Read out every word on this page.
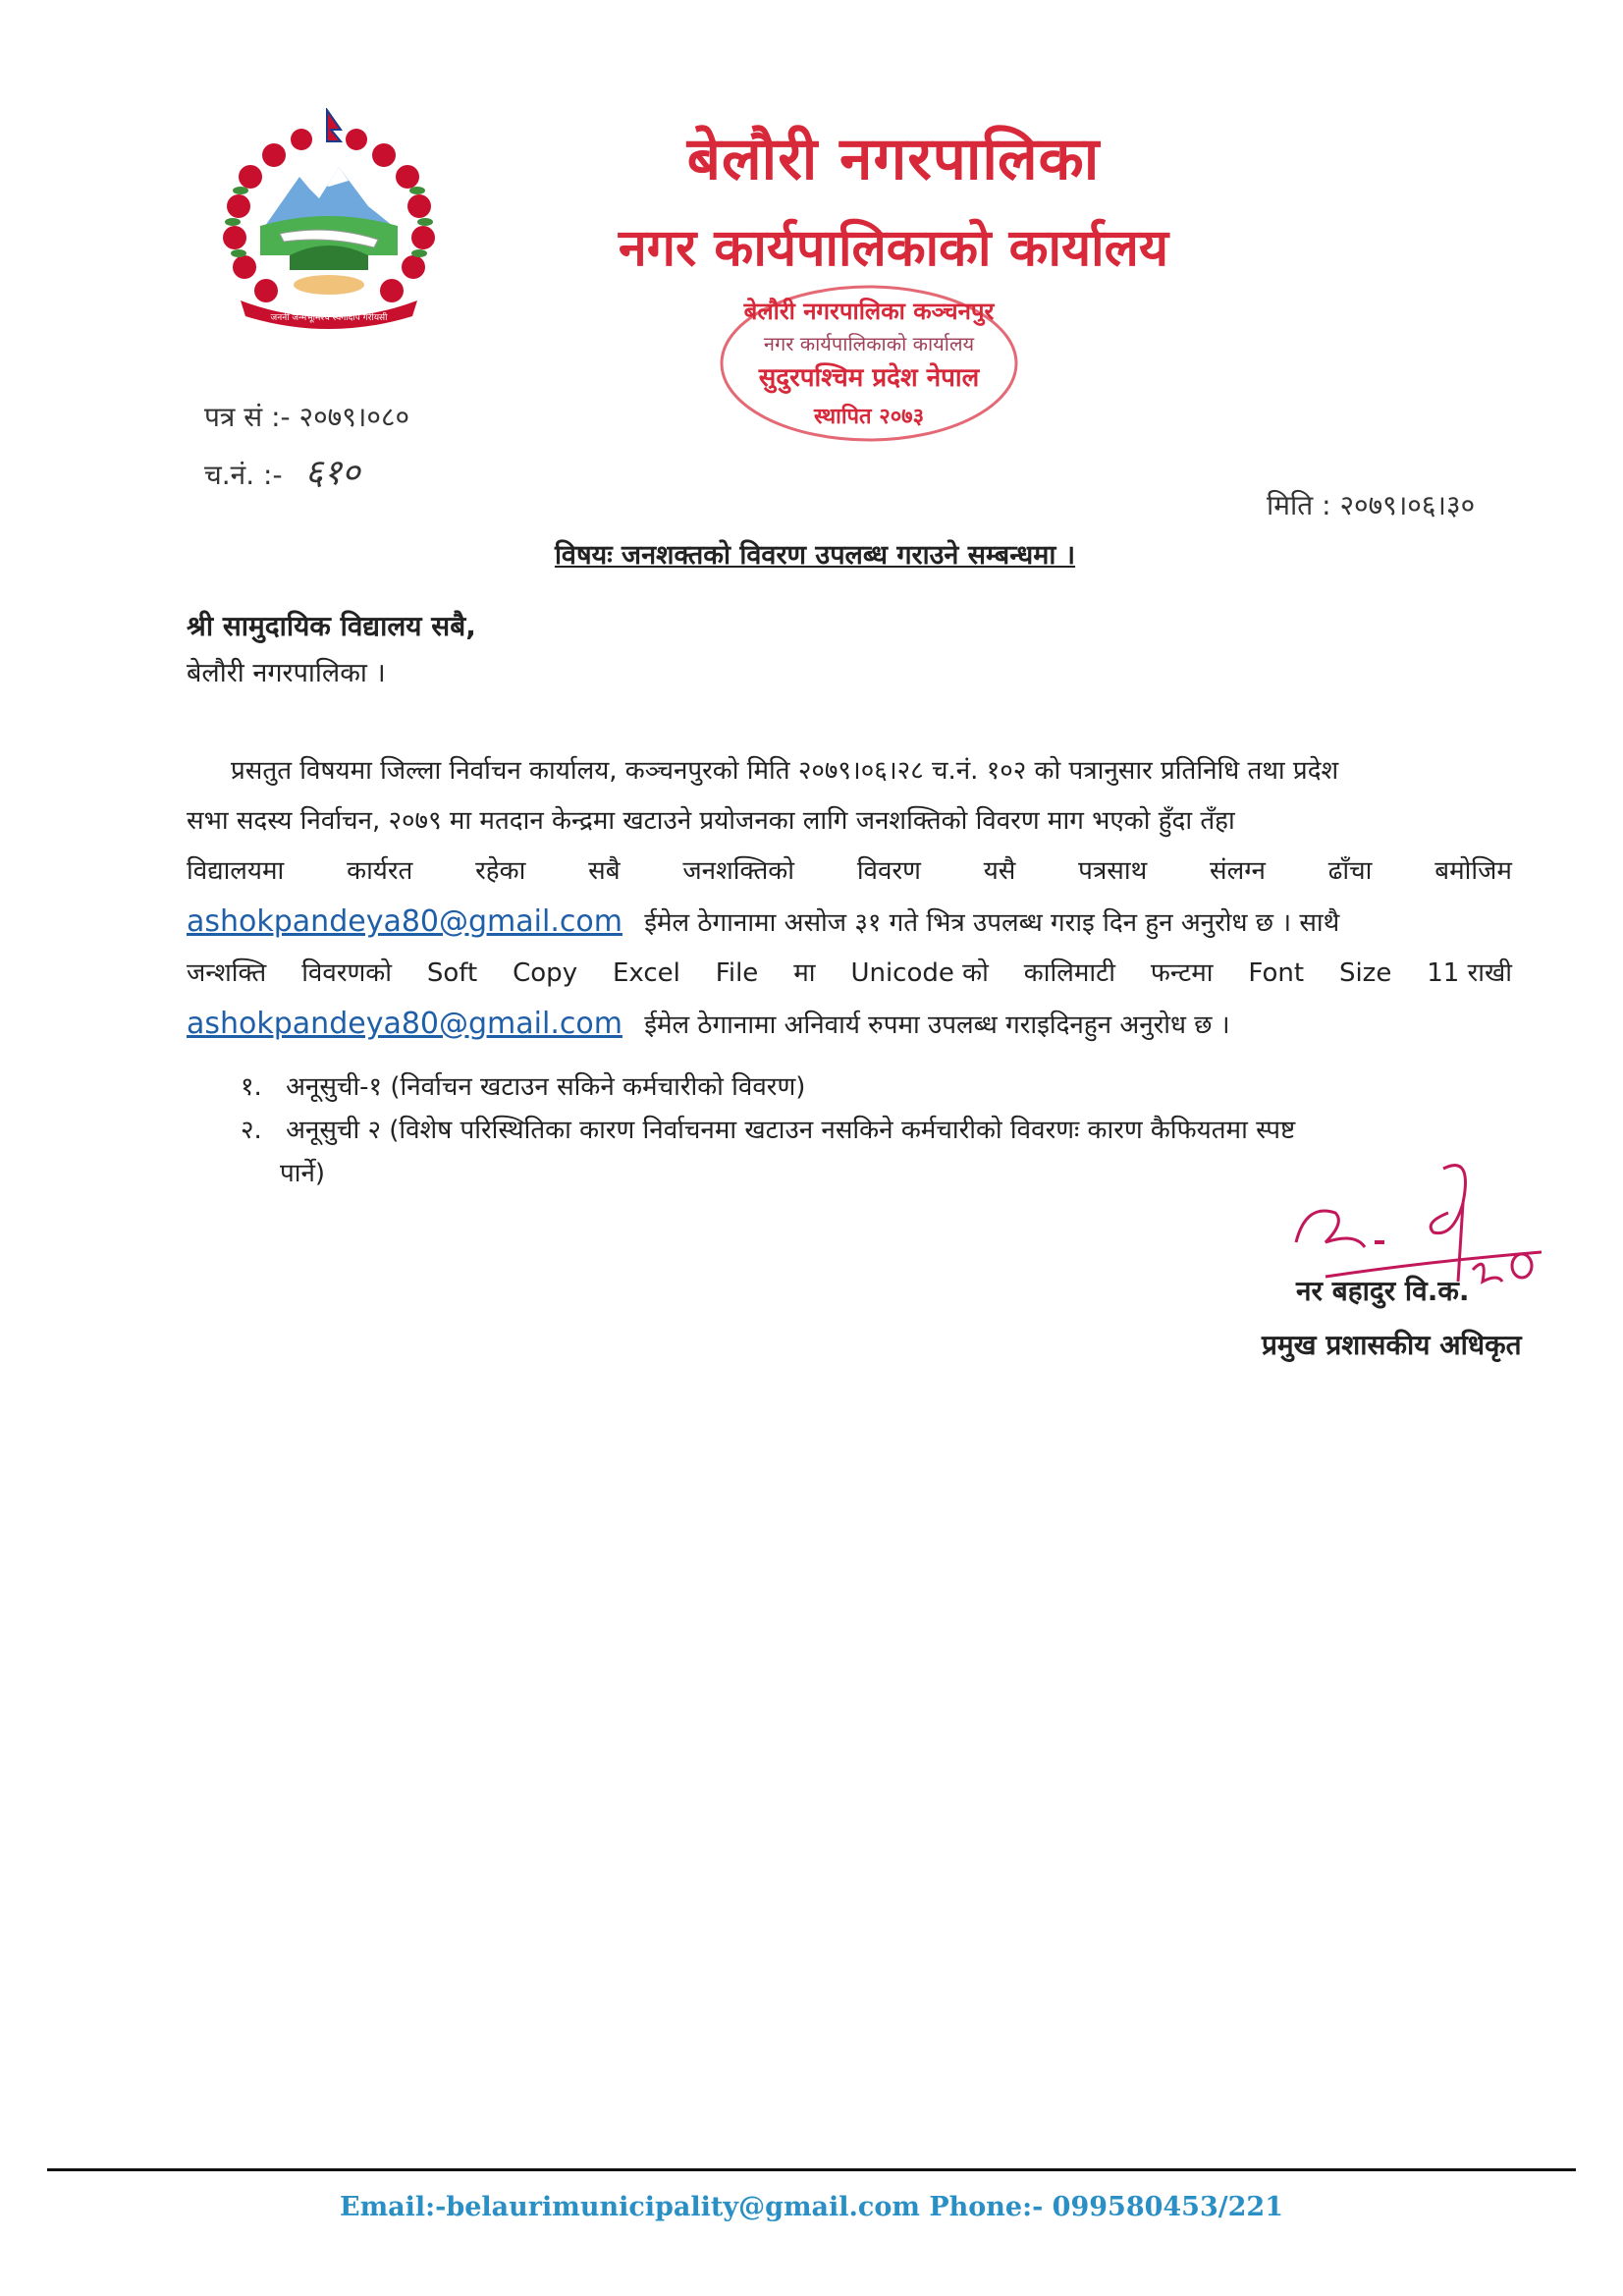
जननी जन्मभूमिश्च स्वर्गादपि गरीयसी
बेलौरी नगरपालिका
नगर कार्यपालिकाको कार्यालय
बेलौरी नगरपालिका कञ्चनपुर
नगर कार्यपालिकाको कार्यालय
सुदुरपश्चिम प्रदेश नेपाल
स्थापित २०७३
पत्र सं :- २०७९।०८०
च.नं. :- ६१०
मिति : २०७९।०६।३०
विषयः जनशक्तको विवरण उपलब्ध गराउने सम्बन्धमा ।
श्री सामुदायिक विद्यालय सबै,
बेलौरी नगरपालिका ।
प्रसतुत विषयमा जिल्ला निर्वाचन कार्यालय, कञ्चनपुरको मिति २०७९।०६।२८ च.नं. १०२ को पत्रानुसार प्रतिनिधि तथा प्रदेश
सभा सदस्य निर्वाचन, २०७९ मा मतदान केन्द्रमा खटाउने प्रयोजनका लागि जनशक्तिको विवरण माग भएको हुँदा तँहा
विद्यालयमा कार्यरत रहेका सबै जनशक्तिको विवरण यसै पत्रसाथ संलग्न ढाँचा बमोजिम
ashokpandeya80@gmail.com ईमेल ठेगानामा असोज ३१ गते भित्र उपलब्ध गराइ दिन हुन अनुरोध छ । साथै
जन्शक्ति विवरणको Soft Copy Excel File मा Unicode को कालिमाटी फन्टमा Font Size 11 राखी
ashokpandeya80@gmail.com ईमेल ठेगानामा अनिवार्य रुपमा उपलब्ध गराइदिनहुन अनुरोध छ ।
१. अनूसुची-१ (निर्वाचन खटाउन सकिने कर्मचारीको विवरण)
२. अनूसुची २ (विशेष परिस्थितिका कारण निर्वाचनमा खटाउन नसकिने कर्मचारीको विवरणः कारण कैफियतमा स्पष्ट
पार्ने)
नर बहादुर वि.क.
प्रमुख प्रशासकीय अधिकृत
Email:-belaurimunicipality@gmail.com Phone:- 099580453/221
